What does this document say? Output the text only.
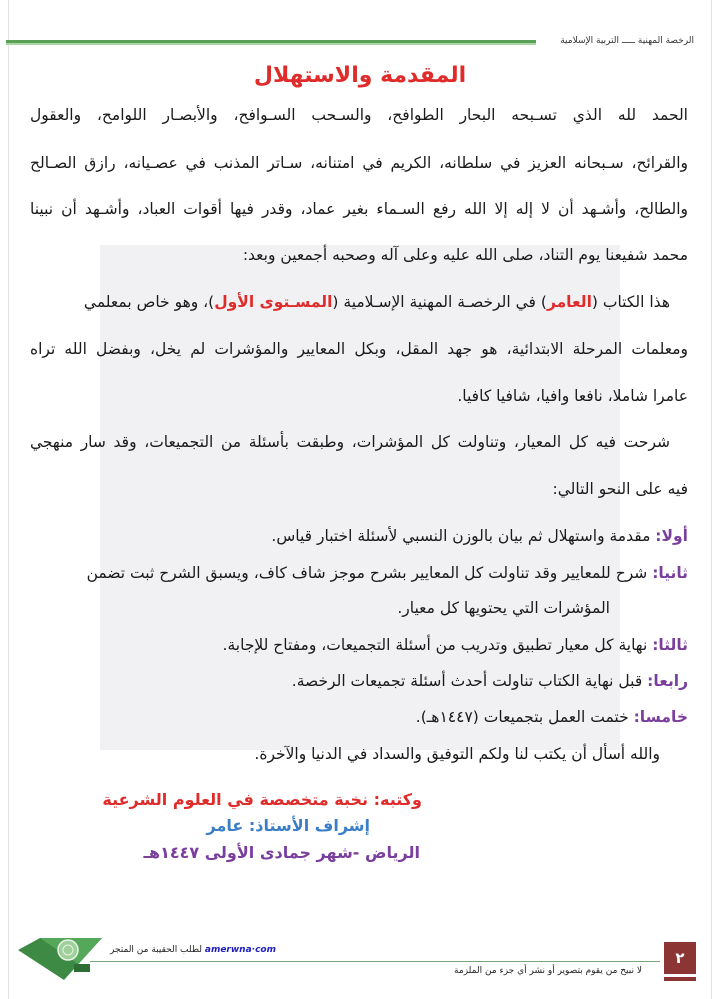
الرخصة المهنية ـــــ التربية الإسلامية
المقدمة والاستهلال
الحمد لله الذي تسـبحه البحار الطوافح، والسـحب السـوافح، والأبصـار اللوامح، والعقول
والقرائح، سـبحانه العزيز في سلطانه، الكريم في امتنانه، سـاتر المذنب في عصـيانه، رازق الصـالح
والطالح، وأشـهد أن لا إله إلا الله رفع السـماء بغير عماد، وقدر فيها أقوات العباد، وأشـهد أن نبينا
محمد شفيعنا يوم التناد، صلى الله عليه وعلى آله وصحبه أجمعين وبعد:
هذا الكتاب (العامر) في الرخصـة المهنية الإسـلامية (المسـتوى الأول)، وهو خاص بمعلمي
ومعلمات المرحلة الابتدائية، هو جهد المقل، وبكل المعايير والمؤشرات لم يخل، وبفضل الله تراه
عامرا شاملا، نافعا وافيا، شافيا كافيا.
شرحت فيه كل المعيار، وتناولت كل المؤشرات، وطبقت بأسئلة من التجميعات، وقد سار منهجي
فيه على النحو التالي:
أولا: مقدمة واستهلال ثم بيان بالوزن النسبي لأسئلة اختبار قياس.
ثانيا: شرح للمعايير وقد تناولت كل المعايير بشرح موجز شاف كاف، ويسبق الشرح ثبت تضمن
المؤشرات التي يحتويها كل معيار.
ثالثا: نهاية كل معيار تطبيق وتدريب من أسئلة التجميعات، ومفتاح للإجابة.
رابعا: قبل نهاية الكتاب تناولت أحدث أسئلة تجميعات الرخصة.
خامسا: ختمت العمل بتجميعات (١٤٤٧هـ).
والله أسأل أن يكتب لنا ولكم التوفيق والسداد في الدنيا والآخرة.
وكتبه: نخبة متخصصة في العلوم الشرعية
إشراف الأستاذ: عامر
الرياض -شهر جمادى الأولى ١٤٤٧هـ
amerwna·com لطلب الحقيبة من المتجر
لا نبيح من يقوم بتصوير أو نشر أي جزء من الملزمة
٢
